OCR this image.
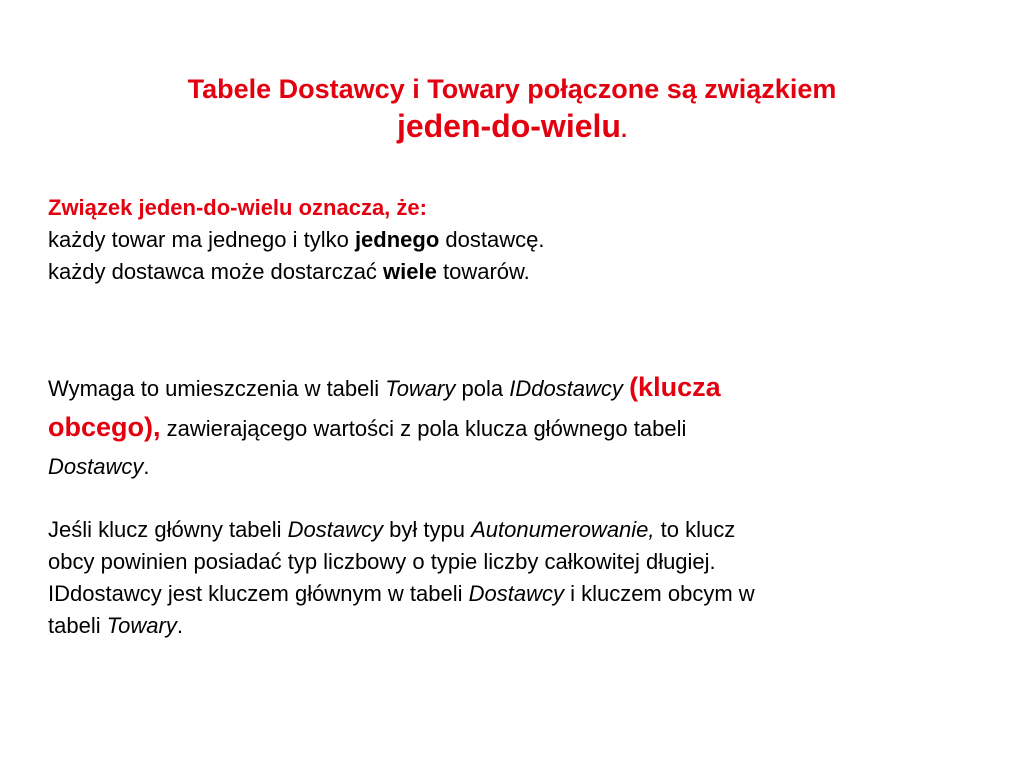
Tabele Dostawcy i Towary połączone są związkiem
jeden-do-wielu.
Związek jeden-do-wielu oznacza, że:
każdy towar ma jednego i tylko jednego dostawcę.
każdy dostawca może dostarczać wiele towarów.
Wymaga to umieszczenia w tabeli Towary pola IDdostawcy (klucza
obcego), zawierającego wartości z pola klucza głównego tabeli
Dostawcy.
Jeśli klucz główny tabeli Dostawcy był typu Autonumerowanie, to klucz
obcy powinien posiadać typ liczbowy o typie liczby całkowitej długiej.
IDdostawcy jest kluczem głównym w tabeli Dostawcy i kluczem obcym w
tabeli Towary.
